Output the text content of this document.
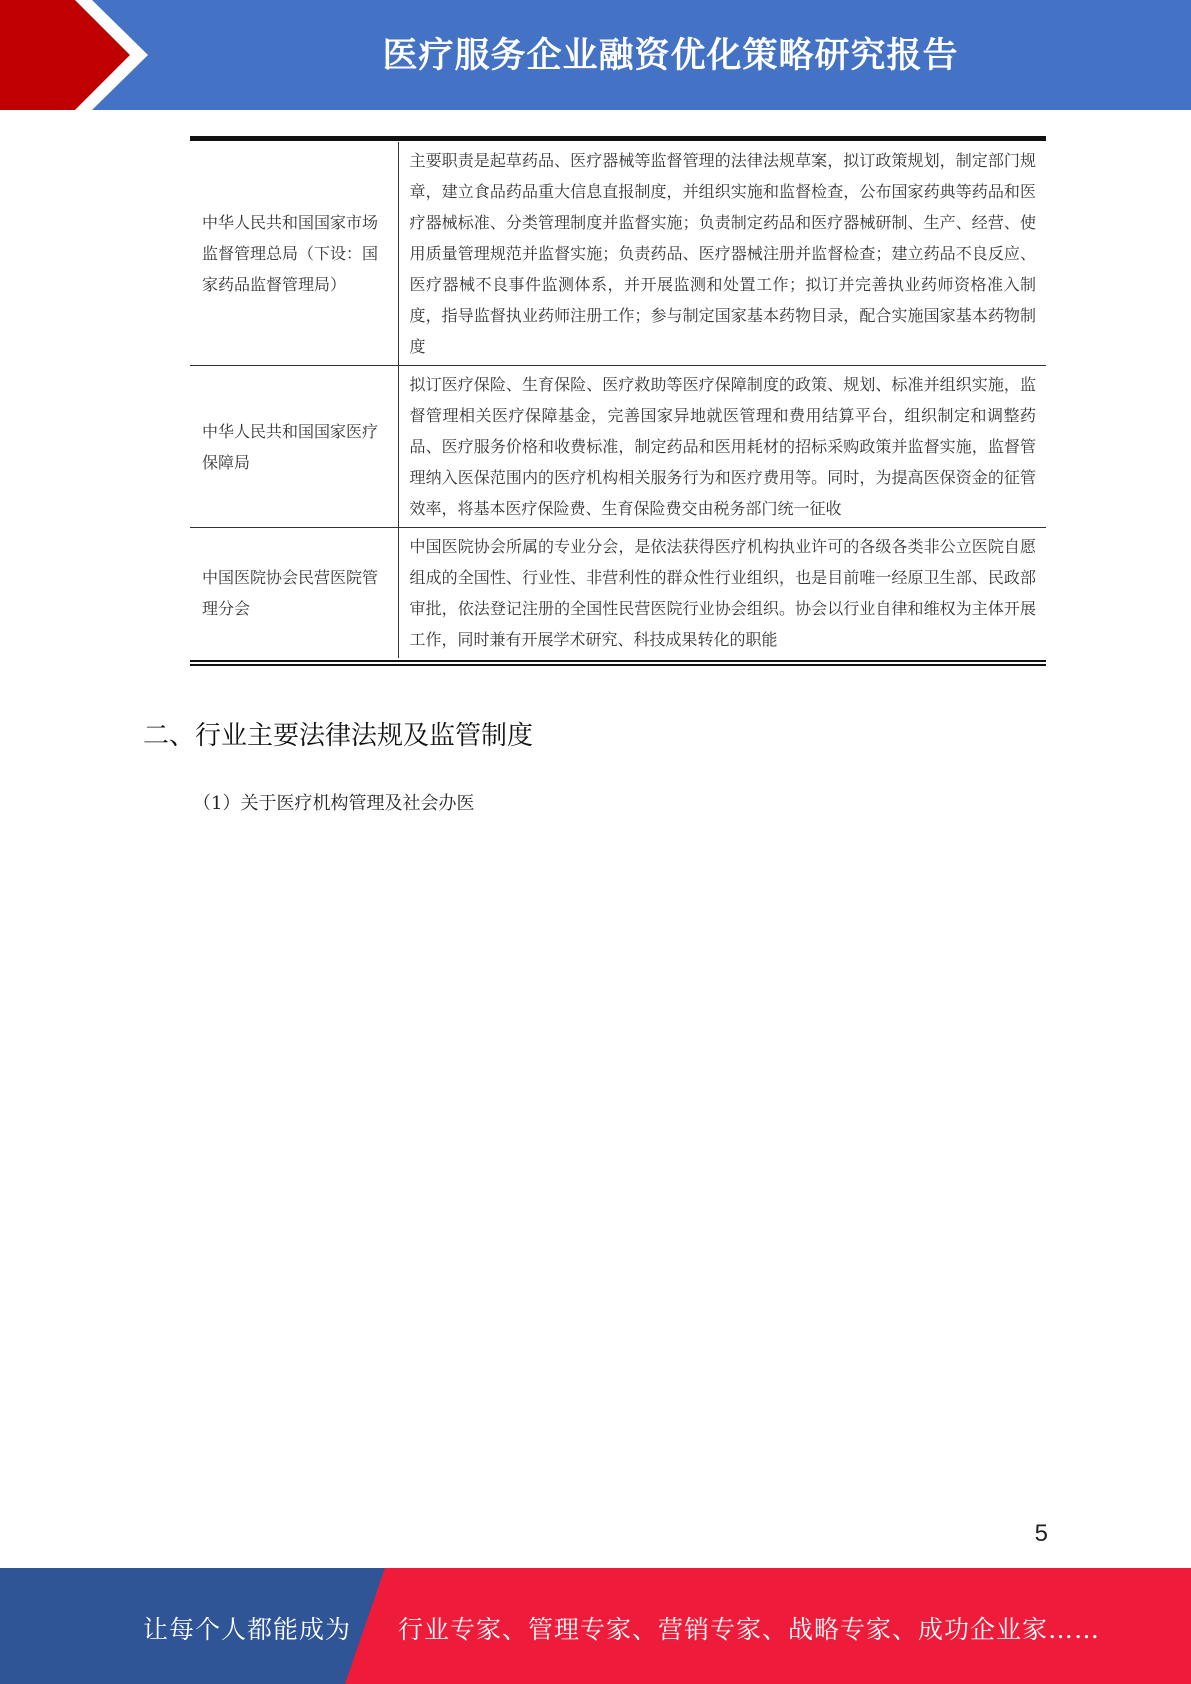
医疗服务企业融资优化策略研究报告
中华人民共和国国家市场监督管理总局（下设：国家药品监督管理局）	主要职责是起草药品、医疗器械等监督管理的法律法规草案，拟订政策规划，制定部门规章，建立食品药品重大信息直报制度，并组织实施和监督检查，公布国家药典等药品和医疗器械标准、分类管理制度并监督实施；负责制定药品和医疗器械研制、生产、经营、使用质量管理规范并监督实施；负责药品、医疗器械注册并监督检查；建立药品不良反应、医疗器械不良事件监测体系，并开展监测和处置工作；拟订并完善执业药师资格准入制度，指导监督执业药师注册工作；参与制定国家基本药物目录，配合实施国家基本药物制度
中华人民共和国国家医疗保障局	拟订医疗保险、生育保险、医疗救助等医疗保障制度的政策、规划、标准并组织实施，监督管理相关医疗保障基金，完善国家异地就医管理和费用结算平台，组织制定和调整药品、医疗服务价格和收费标准，制定药品和医用耗材的招标采购政策并监督实施，监督管理纳入医保范围内的医疗机构相关服务行为和医疗费用等。同时，为提高医保资金的征管效率，将基本医疗保险费、生育保险费交由税务部门统一征收
中国医院协会民营医院管理分会	中国医院协会所属的专业分会，是依法获得医疗机构执业许可的各级各类非公立医院自愿组成的全国性、行业性、非营利性的群众性行业组织，也是目前唯一经原卫生部、民政部审批，依法登记注册的全国性民营医院行业协会组织。协会以行业自律和维权为主体开展工作，同时兼有开展学术研究、科技成果转化的职能
二、行业主要法律法规及监管制度
（1）关于医疗机构管理及社会办医
5
让每个人都能成为 行业专家、管理专家、营销专家、战略专家、成功企业家……
